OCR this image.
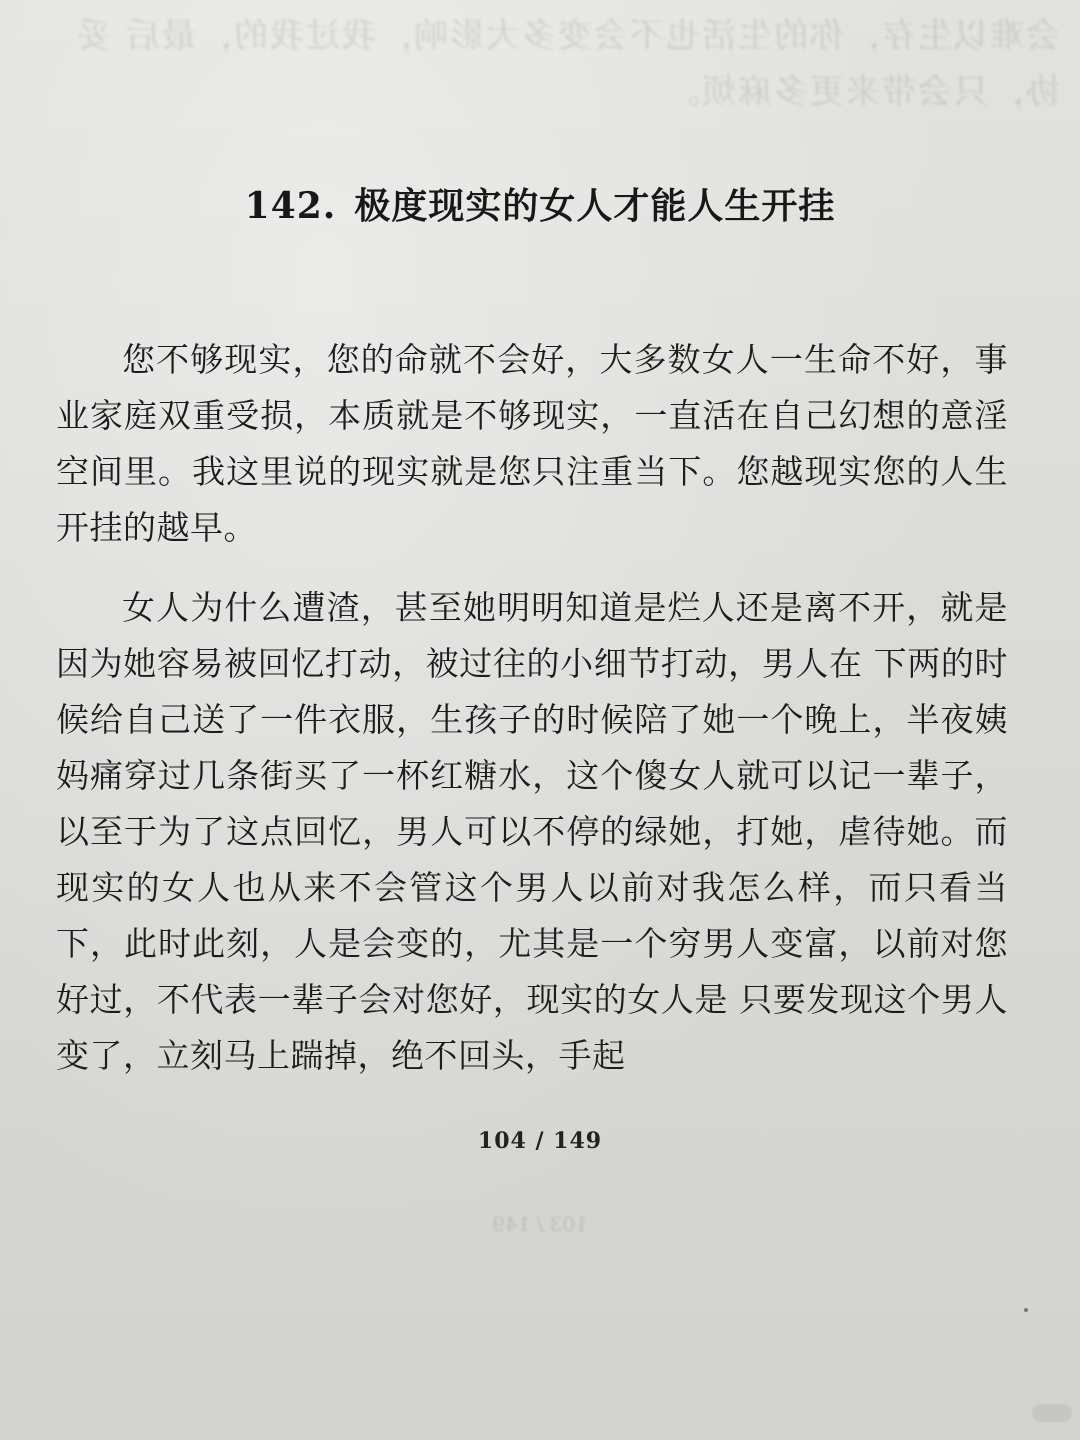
会难以生存，你的生活也不会变多大影响，我过我的，最后 妥协，只会带来更多麻烦。
142. 极度现实的女人才能人生开挂

您不够现实，您的命就不会好，大多数女人一生命不好，事业家庭双重受损，本质就是不够现实，一直活在自己幻想的意淫空间里。我这里说的现实就是您只注重当下。您越现实您的人生开挂的越早。

女人为什么遭渣，甚至她明明知道是烂人还是离不开，就是因为她容易被回忆打动，被过往的小细节打动，男人在 下两的时候给自己送了一件衣服，生孩子的时候陪了她一个晚上，半夜姨妈痛穿过几条街买了一杯红糖水，这个傻女人就可以记一辈子，以至于为了这点回忆，男人可以不停的绿她，打她，虐待她。而现实的女人也从来不会管这个男人以前对我怎么样，而只看当下，此时此刻，人是会变的，尤其是一个穷男人变富，以前对您好过，不代表一辈子会对您好，现实的女人是 只要发现这个男人变了，立刻马上踹掉，绝不回头，手起

104 / 149
103 / 149
